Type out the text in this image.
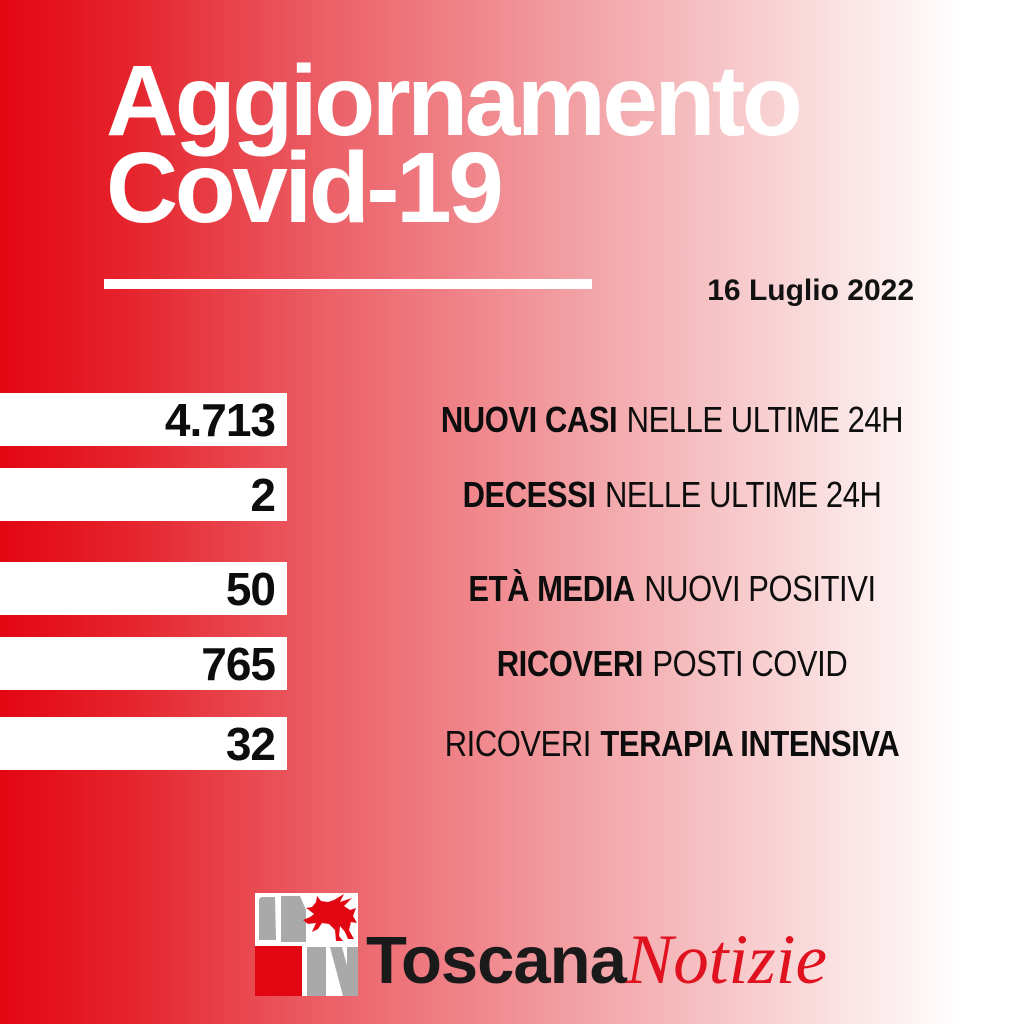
Aggiornamento
Covid-19
16 Luglio 2022
4.713	NUOVI CASI NELLE ULTIME 24H
2	DECESSI NELLE ULTIME 24H
50	ETÀ MEDIA NUOVI POSITIVI
765	RICOVERI POSTI COVID
32	RICOVERI TERAPIA INTENSIVA
ToscanaNotizie
